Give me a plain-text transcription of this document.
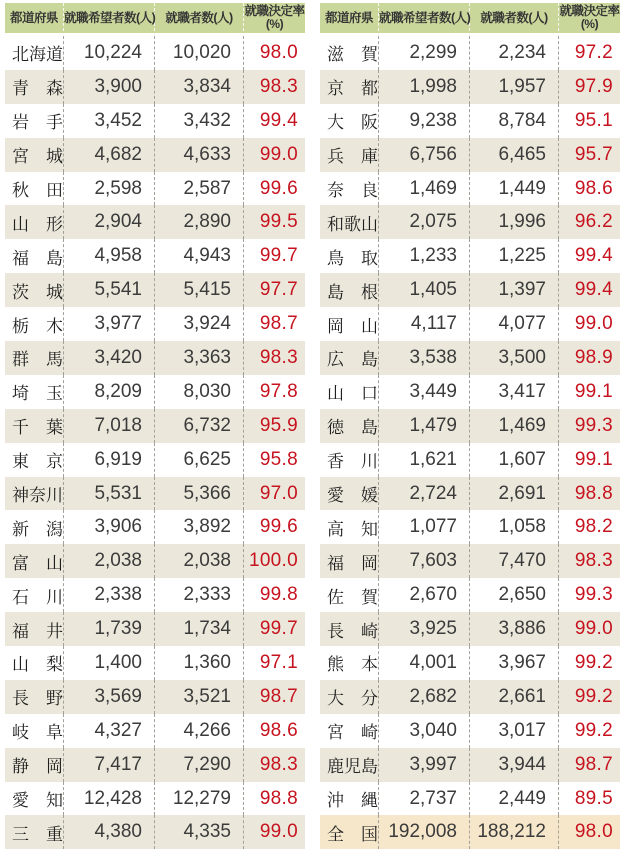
都道府県	就職希望者数(人)	就職者数(人)	就職決定率
(%)

北 海 道	10,224	10,020	98.0

青 森	3,900	3,834	98.3

岩 手	3,452	3,432	99.4

宮 城	4,682	4,633	99.0

秋 田	2,598	2,587	99.6

山 形	2,904	2,890	99.5

福 島	4,958	4,943	99.7

茨 城	5,541	5,415	97.7

栃 木	3,977	3,924	98.7

群 馬	3,420	3,363	98.3

埼 玉	8,209	8,030	97.8

千 葉	7,018	6,732	95.9

東 京	6,919	6,625	95.8

神 奈 川	5,531	5,366	97.0

新 潟	3,906	3,892	99.6

富 山	2,038	2,038	100.0

石 川	2,338	2,333	99.8

福 井	1,739	1,734	99.7

山 梨	1,400	1,360	97.1

長 野	3,569	3,521	98.7

岐 阜	4,327	4,266	98.6

静 岡	7,417	7,290	98.3

愛 知	12,428	12,279	98.8

三 重	4,380	4,335	99.0
都道府県	就職希望者数(人)	就職者数(人)	就職決定率
(%)

滋 賀	2,299	2,234	97.2

京 都	1,998	1,957	97.9

大 阪	9,238	8,784	95.1

兵 庫	6,756	6,465	95.7

奈 良	1,469	1,449	98.6

和 歌 山	2,075	1,996	96.2

鳥 取	1,233	1,225	99.4

島 根	1,405	1,397	99.4

岡 山	4,117	4,077	99.0

広 島	3,538	3,500	98.9

山 口	3,449	3,417	99.1

徳 島	1,479	1,469	99.3

香 川	1,621	1,607	99.1

愛 媛	2,724	2,691	98.8

高 知	1,077	1,058	98.2

福 岡	7,603	7,470	98.3

佐 賀	2,670	2,650	99.3

長 崎	3,925	3,886	99.0

熊 本	4,001	3,967	99.2

大 分	2,682	2,661	99.2

宮 崎	3,040	3,017	99.2

鹿 児 島	3,997	3,944	98.7

沖 縄	2,737	2,449	89.5

全 国	192,008	188,212	98.0
